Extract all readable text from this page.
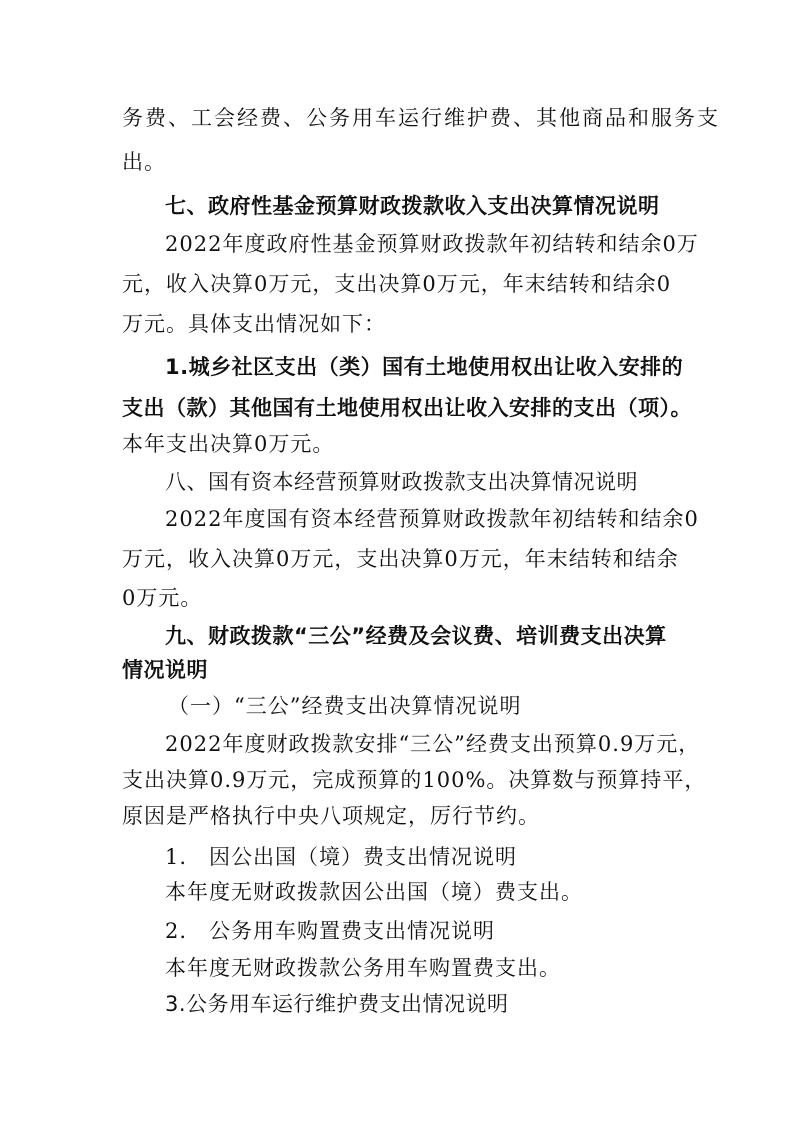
务费、工会经费、公务用车运行维护费、其他商品和服务支
出。
七、政府性基金预算财政拨款收入支出决算情况说明
2022年度政府性基金预算财政拨款年初结转和结余0万
元，收入决算0万元，支出决算0万元，年末结转和结余0
万元。具体支出情况如下：
1.城乡社区支出（类）国有土地使用权出让收入安排的
支出（款）其他国有土地使用权出让收入安排的支出（项）。
本年支出决算0万元。
八、国有资本经营预算财政拨款支出决算情况说明
2022年度国有资本经营预算财政拨款年初结转和结余0
万元，收入决算0万元，支出决算0万元，年末结转和结余
0万元。
九、财政拨款“三公”经费及会议费、培训费支出决算
情况说明
（一）“三公”经费支出决算情况说明
2022年度财政拨款安排“三公”经费支出预算0.9万元，
支出决算0.9万元，完成预算的100%。决算数与预算持平，
原因是严格执行中央八项规定，厉行节约。
1.　因公出国（境）费支出情况说明
本年度无财政拨款因公出国（境）费支出。
2.　公务用车购置费支出情况说明
本年度无财政拨款公务用车购置费支出。
3.公务用车运行维护费支出情况说明
